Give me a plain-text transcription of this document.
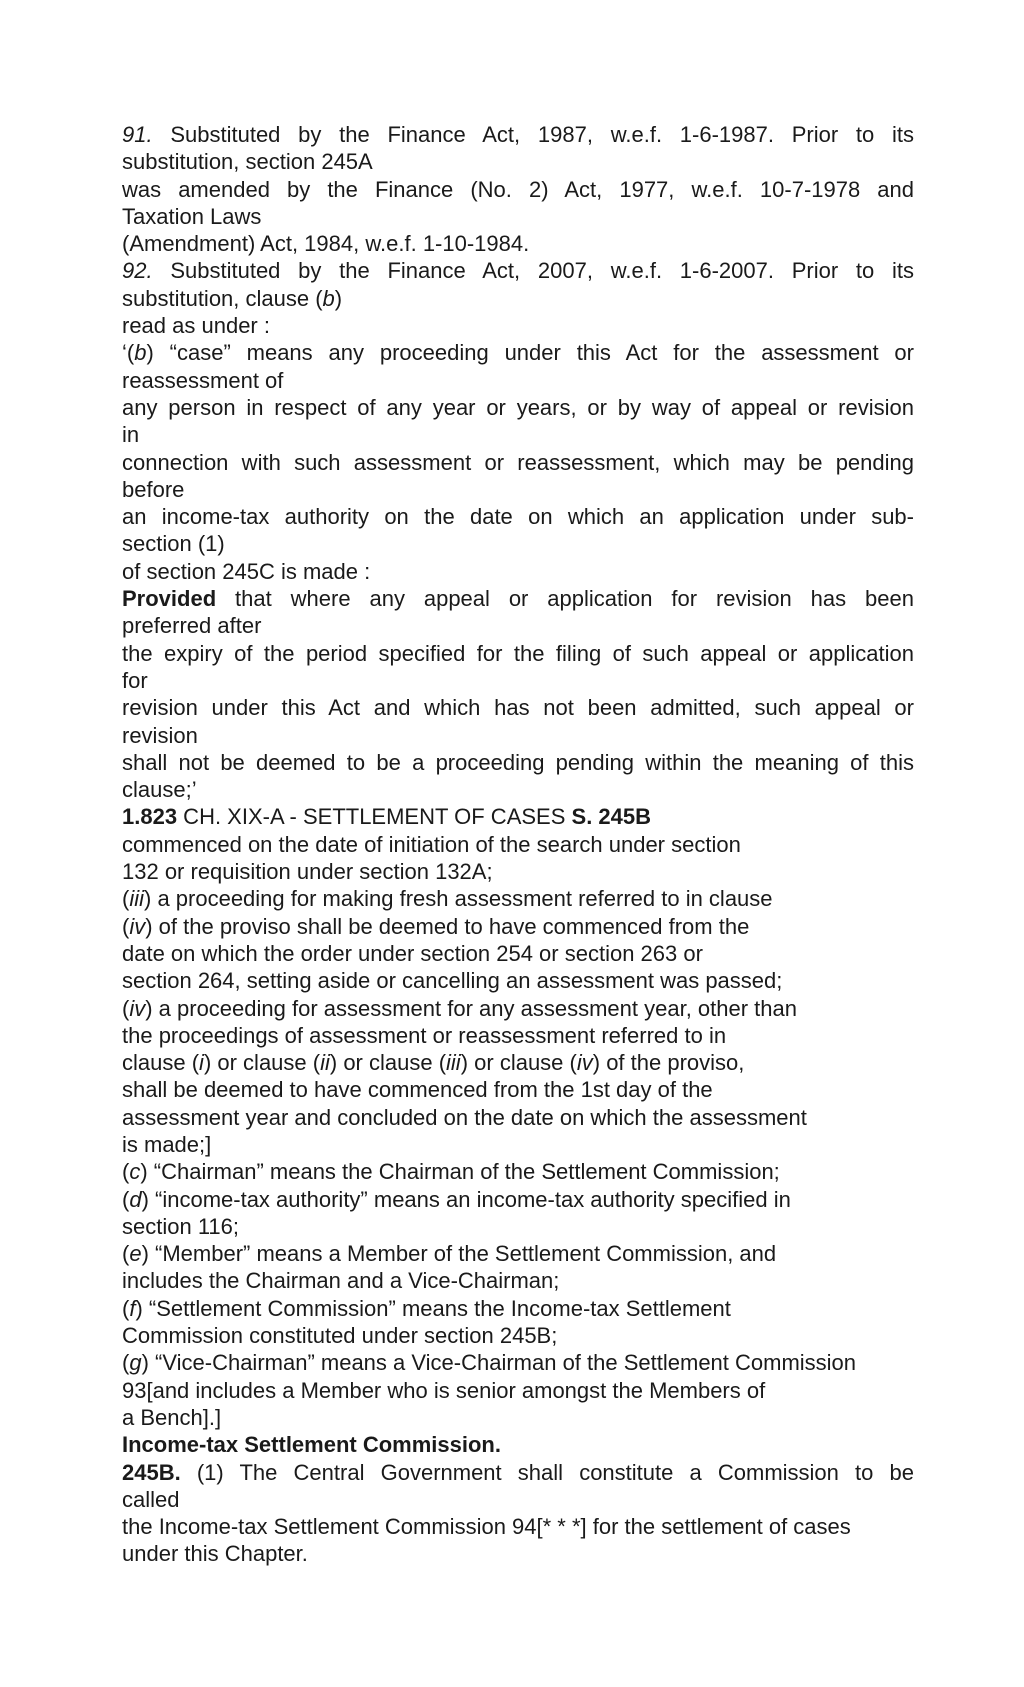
91. Substituted by the Finance Act, 1987, w.e.f. 1-6-1987. Prior to its
substitution, section 245A
was amended by the Finance (No. 2) Act, 1977, w.e.f. 10-7-1978 and
Taxation Laws
(Amendment) Act, 1984, w.e.f. 1-10-1984.
92. Substituted by the Finance Act, 2007, w.e.f. 1-6-2007. Prior to its
substitution, clause (b)
read as under :
‘(b) “case” means any proceeding under this Act for the assessment or
reassessment of
any person in respect of any year or years, or by way of appeal or revision
in
connection with such assessment or reassessment, which may be pending
before
an income-tax authority on the date on which an application under sub-
section (1)
of section 245C is made :
Provided that where any appeal or application for revision has been
preferred after
the expiry of the period specified for the filing of such appeal or application
for
revision under this Act and which has not been admitted, such appeal or
revision
shall not be deemed to be a proceeding pending within the meaning of this
clause;’
1.823 CH. XIX-A - SETTLEMENT OF CASES S. 245B
commenced on the date of initiation of the search under section
132 or requisition under section 132A;
(iii) a proceeding for making fresh assessment referred to in clause
(iv) of the proviso shall be deemed to have commenced from the
date on which the order under section 254 or section 263 or
section 264, setting aside or cancelling an assessment was passed;
(iv) a proceeding for assessment for any assessment year, other than
the proceedings of assessment or reassessment referred to in
clause (i) or clause (ii) or clause (iii) or clause (iv) of the proviso,
shall be deemed to have commenced from the 1st day of the
assessment year and concluded on the date on which the assessment
is made;]
(c) “Chairman” means the Chairman of the Settlement Commission;
(d) “income-tax authority” means an income-tax authority specified in
section 116;
(e) “Member” means a Member of the Settlement Commission, and
includes the Chairman and a Vice-Chairman;
(f) “Settlement Commission” means the Income-tax Settlement
Commission constituted under section 245B;
(g) “Vice-Chairman” means a Vice-Chairman of the Settlement Commission
93[and includes a Member who is senior amongst the Members of
a Bench].]
Income-tax Settlement Commission.
245B. (1) The Central Government shall constitute a Commission to be
called
the Income-tax Settlement Commission 94[* * *] for the settlement of cases
under this Chapter.
